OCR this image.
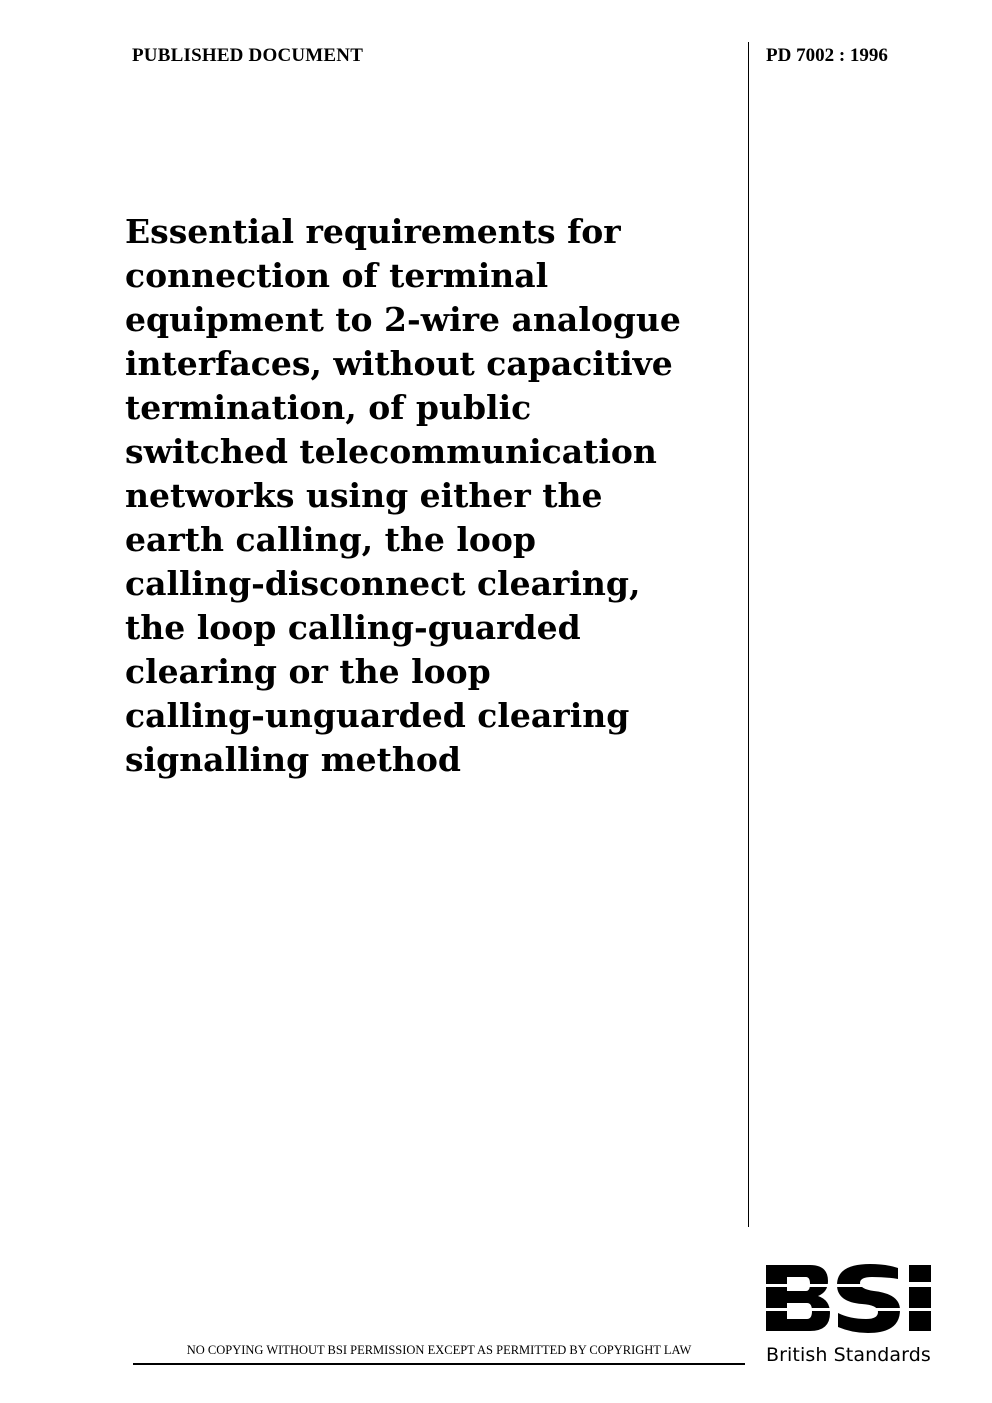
PUBLISHED DOCUMENT	PD 7002 : 1996
Essential requirements for
connection of terminal
equipment to 2-wire analogue
interfaces, without capacitive
termination, of public
switched telecommunication
networks using either the
earth calling, the loop
calling-disconnect clearing,
the loop calling-guarded
clearing or the loop
calling-unguarded clearing
signalling method
NO COPYING WITHOUT BSI PERMISSION EXCEPT AS PERMITTED BY COPYRIGHT LAW	British Standards
